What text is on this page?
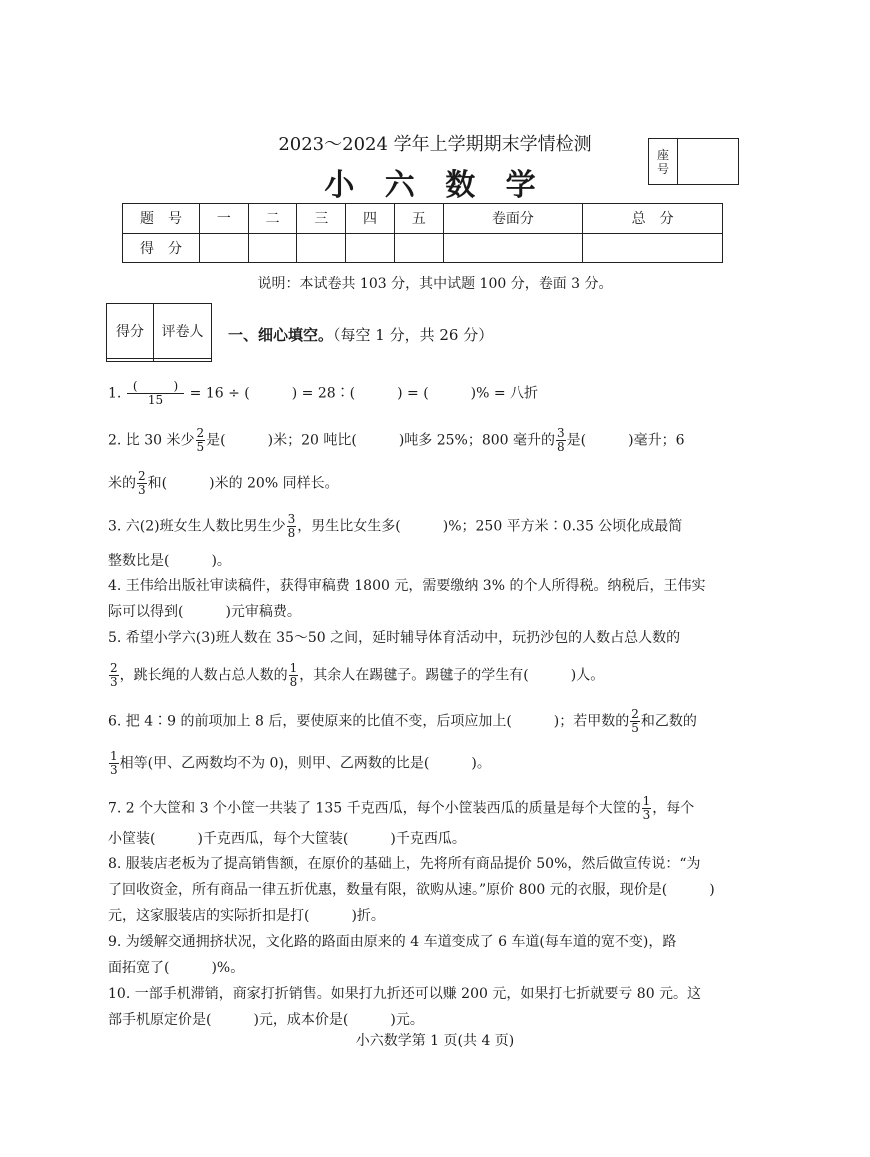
2023～2024 学年上学期期末学情检测
小 六 数 学
座
号
题　号	一	二	三	四	五	卷面分	总　分
得　分							
说明：本试卷共 103 分，其中试题 100 分，卷面 3 分。
得分	评卷人
	一、细心填空。（每空 1 分，共 26 分）
1. (　　　)
15	= 16 ÷ (　　　) = 28∶(　　　) = (　　　)% = 八折
2. 比 30 米少 $\frac{2}{5}$ 是(　　　)米；20 吨比(　　　)吨多 25%；800 毫升的 $\frac{3}{8}$ 是(　　　)毫升；6
米的 $\frac{2}{3}$ 和(　　　)米的 20% 同样长。
3. 六(2)班女生人数比男生少 $\frac{3}{8}$ ，男生比女生多(　　　)%；250 平方米∶0.35 公顷化成最简
整数比是(　　　)。
4. 王伟给出版社审读稿件，获得审稿费 1800 元，需要缴纳 3% 的个人所得税。纳税后，王伟实
际可以得到(　　　)元审稿费。
5. 希望小学六(3)班人数在 35～50 之间，延时辅导体育活动中，玩扔沙包的人数占总人数的
$\frac{2}{3}$ ，跳长绳的人数占总人数的 $\frac{1}{8}$ ，其余人在踢毽子。踢毽子的学生有(　　　)人。
6. 把 4∶9 的前项加上 8 后，要使原来的比值不变，后项应加上(　　　)；若甲数的 $\frac{2}{5}$ 和乙数的
$\frac{1}{3}$ 相等(甲、乙两数均不为 0)，则甲、乙两数的比是(　　　)。
7. 2 个大筐和 3 个小筐一共装了 135 千克西瓜，每个小筐装西瓜的质量是每个大筐的 $\frac{1}{3}$ ，每个
小筐装(　　　)千克西瓜，每个大筐装(　　　)千克西瓜。
8. 服装店老板为了提高销售额，在原价的基础上，先将所有商品提价 50%，然后做宣传说：“为
了回收资金，所有商品一律五折优惠，数量有限，欲购从速。”原价 800 元的衣服，现价是(　　　)
元，这家服装店的实际折扣是打(　　　)折。
9. 为缓解交通拥挤状况，文化路的路面由原来的 4 车道变成了 6 车道(每车道的宽不变)，路
面拓宽了(　　　)%。
10. 一部手机滞销，商家打折销售。如果打九折还可以赚 200 元，如果打七折就要亏 80 元。这
部手机原定价是(　　　)元，成本价是(　　　)元。
小六数学第 1 页(共 4 页)
